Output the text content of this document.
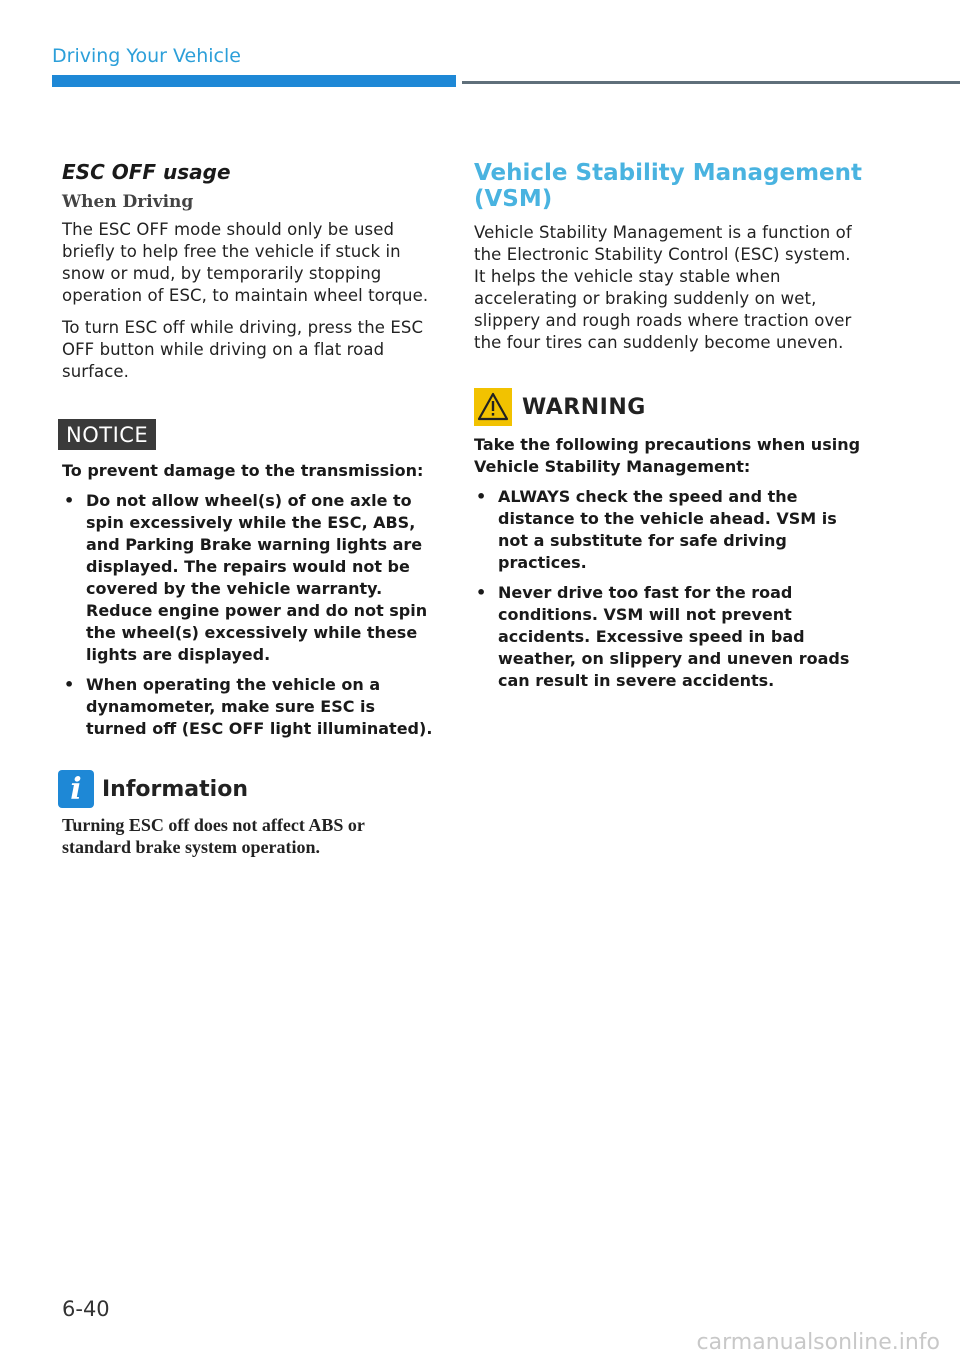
Driving Your Vehicle
ESC OFF usage
When Driving

The ESC OFF mode should only be used briefly to help free the vehicle if stuck in snow or mud, by temporarily stopping operation of ESC, to maintain wheel torque.

To turn ESC off while driving, press the ESC OFF button while driving on a flat road surface.

NOTICE
To prevent damage to the transmission:
• Do not allow wheel(s) of one axle to spin excessively while the ESC, ABS, and Parking Brake warning lights are displayed. The repairs would not be covered by the vehicle warranty. Reduce engine power and do not spin the wheel(s) excessively while these lights are displayed.
• When operating the vehicle on a dynamometer, make sure ESC is turned off (ESC OFF light illuminated).
i Information

Turning ESC off does not affect ABS or standard brake system operation.

Vehicle Stability Management (VSM)

Vehicle Stability Management is a function of the Electronic Stability Control (ESC) system. It helps the vehicle stay stable when accelerating or braking suddenly on wet, slippery and rough roads where traction over the four tires can suddenly become uneven.

WARNING
Take the following precautions when using Vehicle Stability Management:
• ALWAYS check the speed and the distance to the vehicle ahead. VSM is not a substitute for safe driving practices.
• Never drive too fast for the road conditions. VSM will not prevent accidents. Excessive speed in bad weather, on slippery and uneven roads can result in severe accidents.
6-40
carmanualsonline.info
